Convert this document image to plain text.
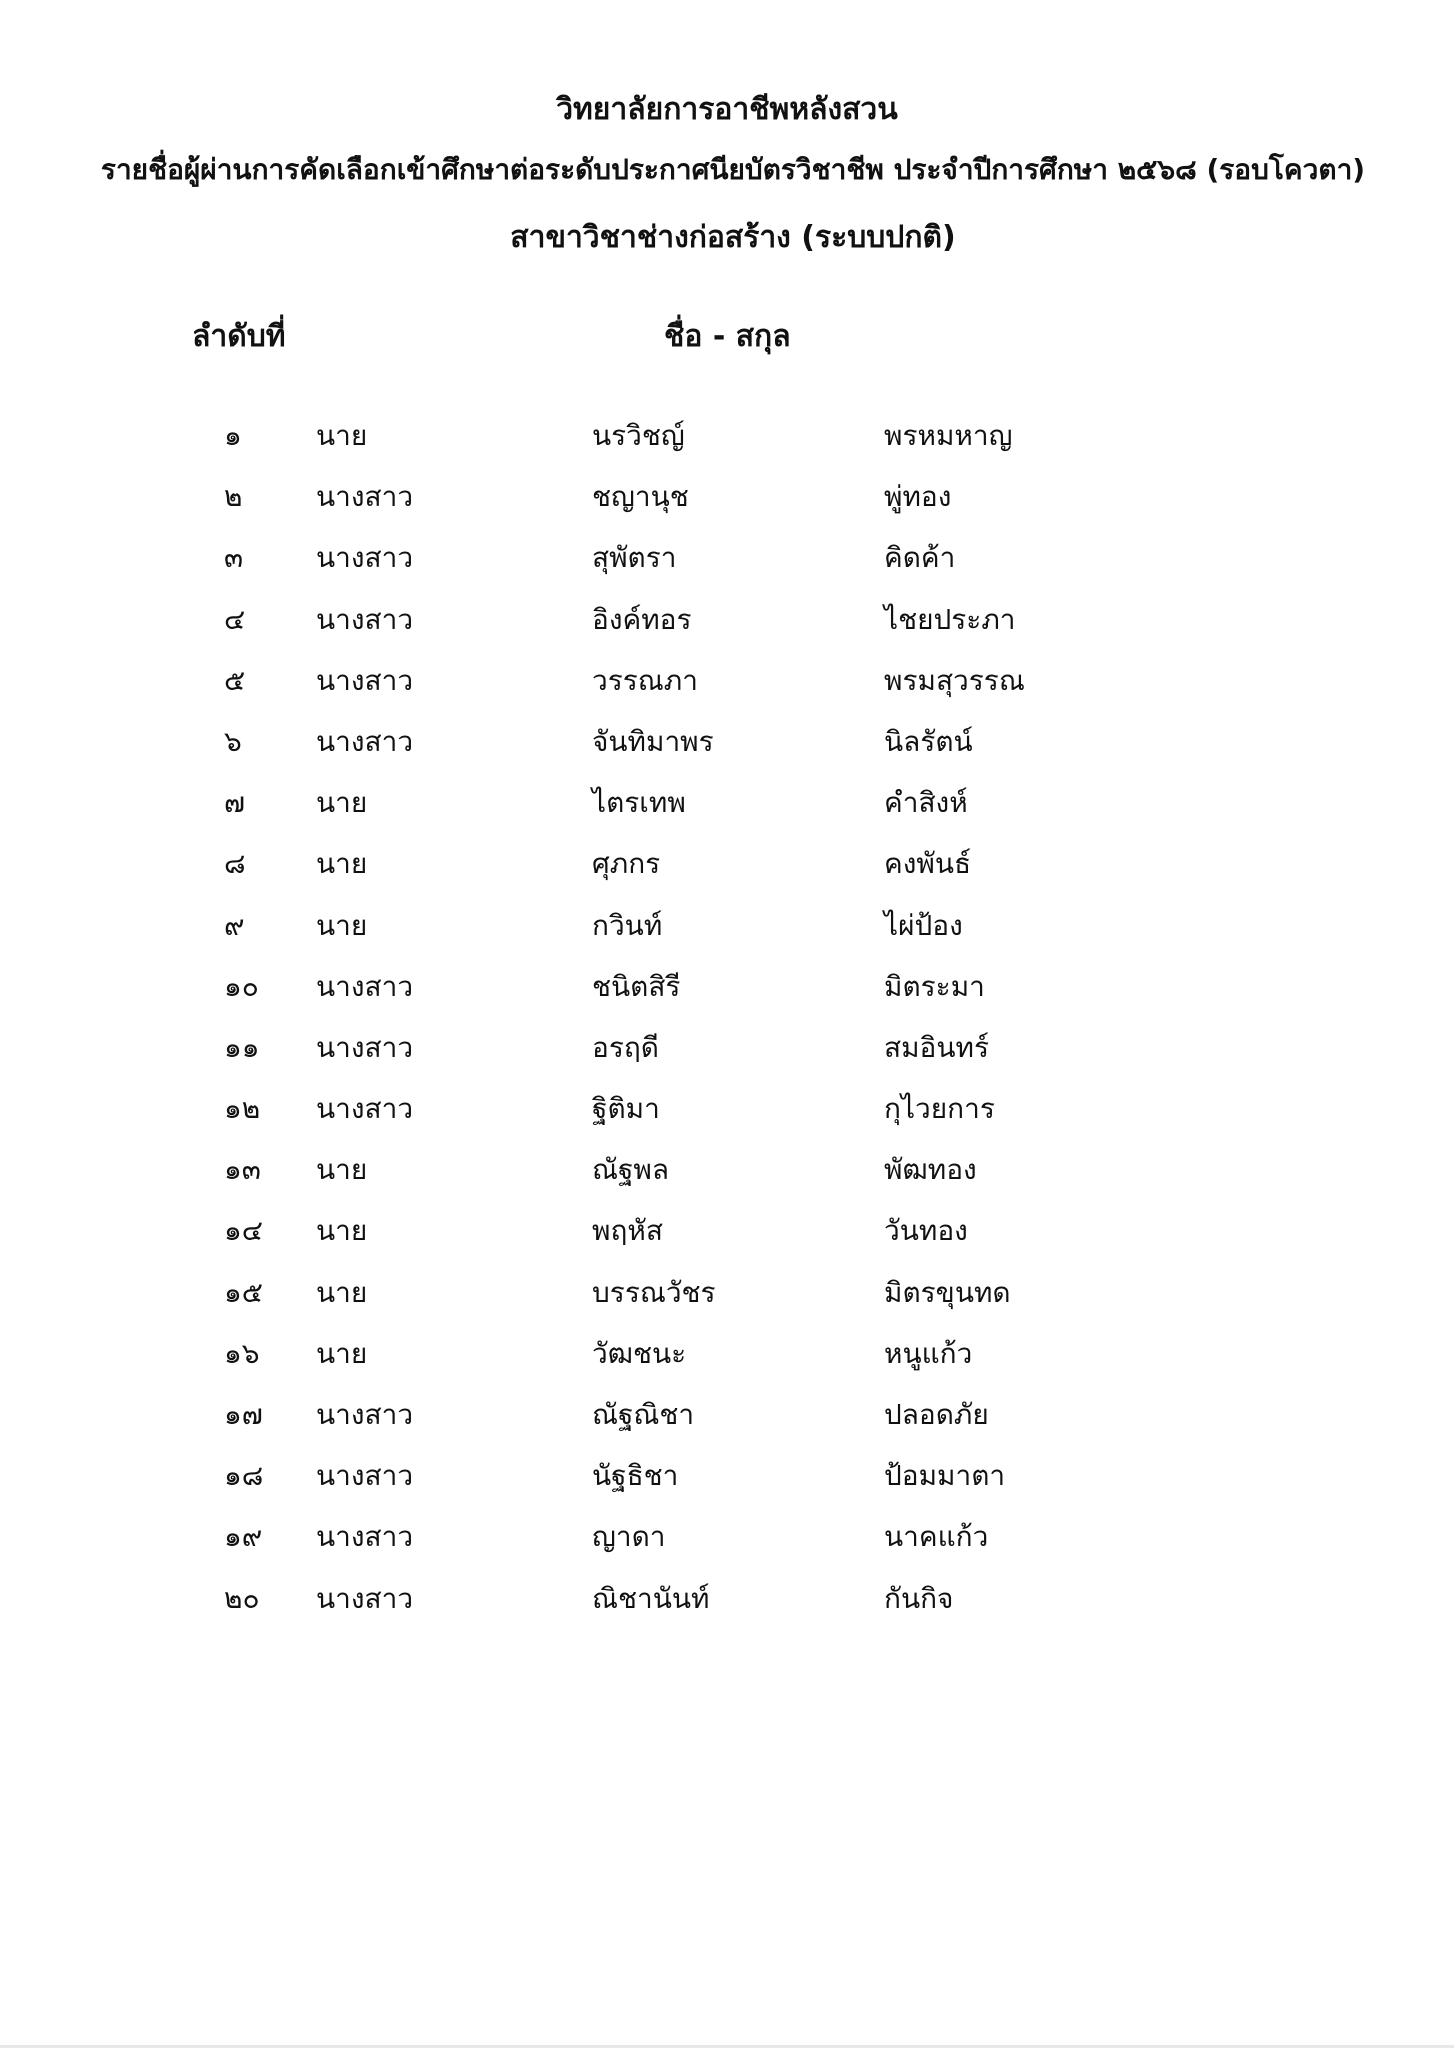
วิทยาลัยการอาชีพหลังสวน
รายชื่อผู้ผ่านการคัดเลือกเข้าศึกษาต่อระดับประกาศนียบัตรวิชาชีพ ประจำปีการศึกษา ๒๕๖๘ (รอบโควตา)
สาขาวิชาช่างก่อสร้าง (ระบบปกติ)
ลำดับที่	ชื่อ - สกุล
๑	นาย	นรวิชญ์	พรหมหาญ
๒	นางสาว	ชญานุช	พู่ทอง
๓	นางสาว	สุพัตรา	คิดค้า
๔	นางสาว	อิงค์ทอร	ไชยประภา
๕	นางสาว	วรรณภา	พรมสุวรรณ
๖	นางสาว	จันทิมาพร	นิลรัตน์
๗	นาย	ไตรเทพ	คำสิงห์
๘	นาย	ศุภกร	คงพันธ์
๙	นาย	กวินท์	ไผ่ป้อง
๑๐ นางสาว	ชนิตสิรี	มิตระมา
๑๑ นางสาว	อรฤดี	สมอินทร์
๑๒ นางสาว	ฐิติมา	กุไวยการ
๑๓ นาย	ณัฐพล	พัฒทอง
๑๔ นาย	พฤหัส	วันทอง
๑๕ นาย	บรรณวัชร	มิตรขุนทด
๑๖ นาย	วัฒชนะ	หนูแก้ว
๑๗ นางสาว	ณัฐณิชา	ปลอดภัย
๑๘ นางสาว	นัฐธิชา	ป้อมมาตา
๑๙ นางสาว	ญาดา	นาคแก้ว
๒๐ นางสาว	ณิชานันท์	กันกิจ
